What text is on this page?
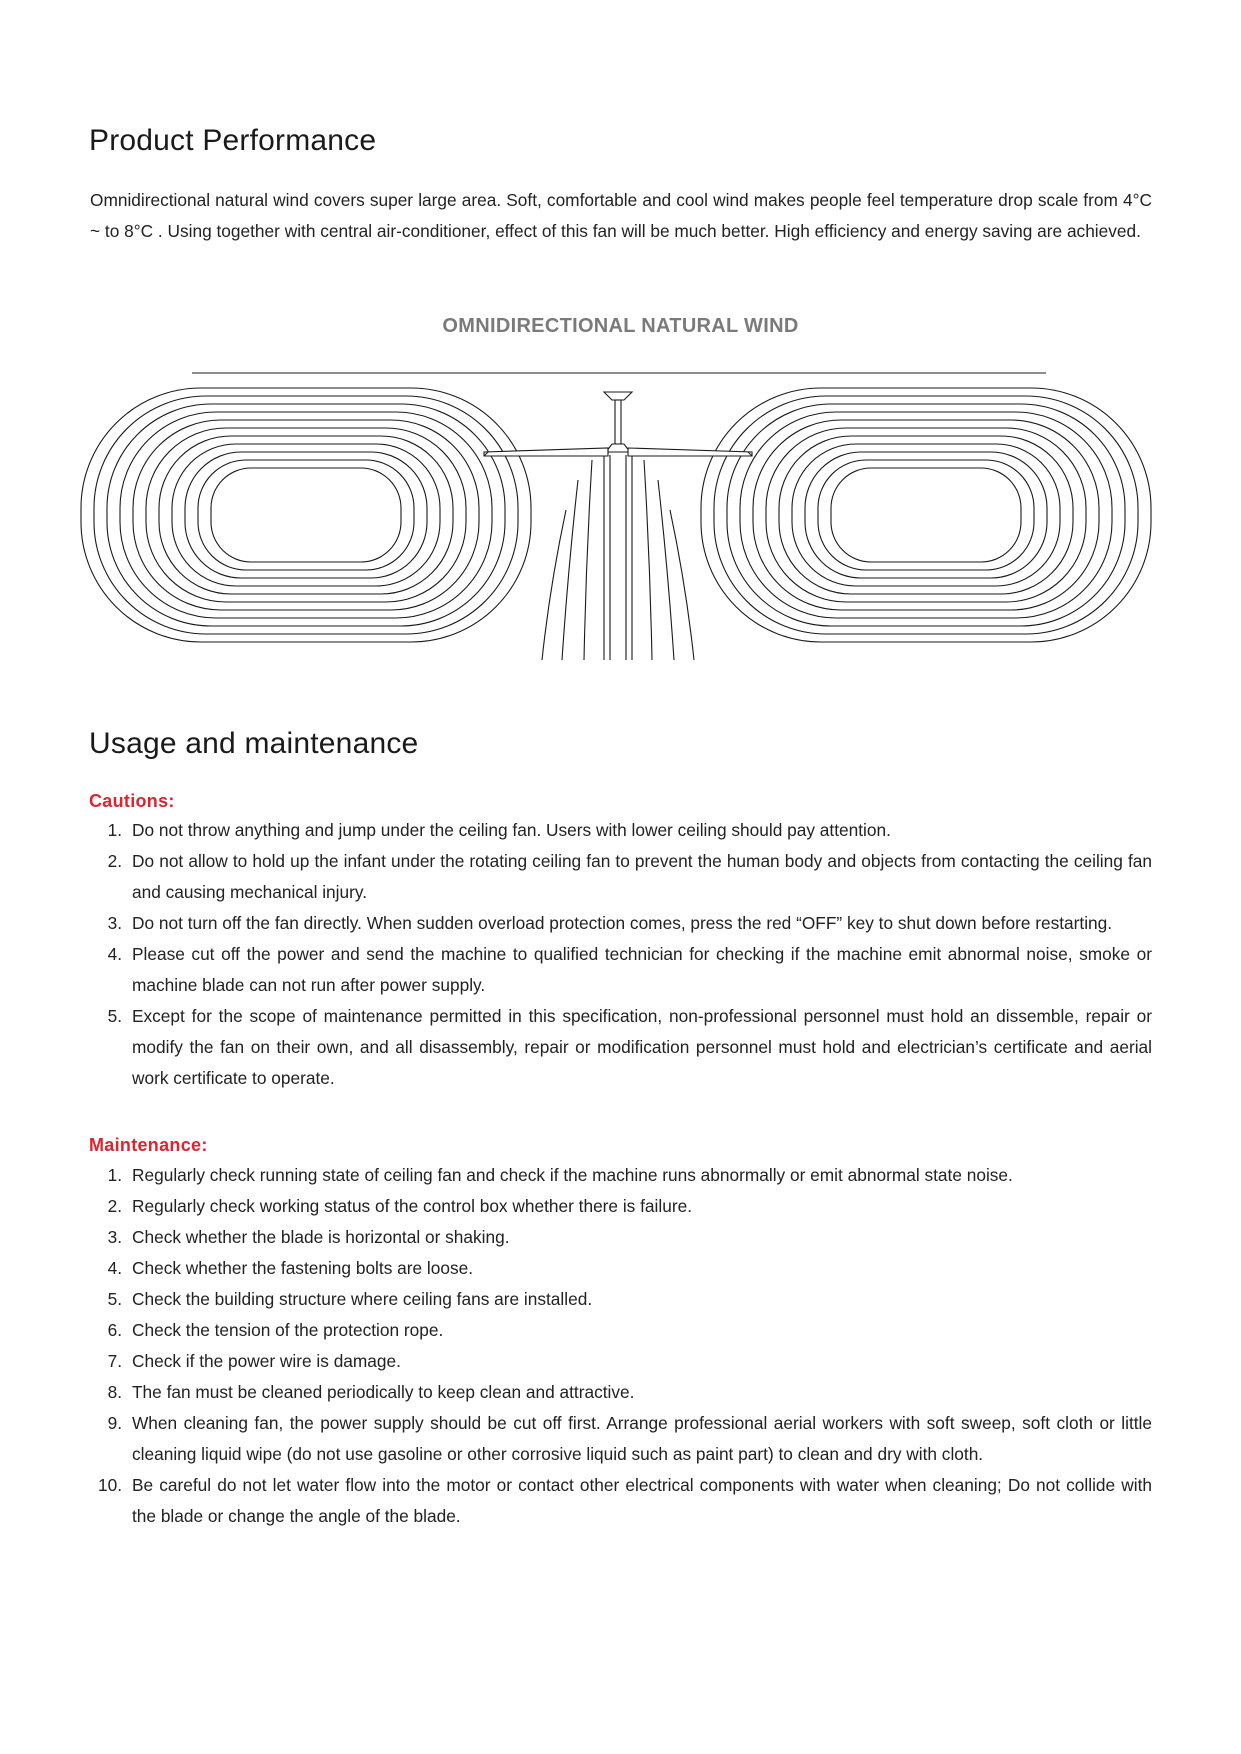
Product Performance

Omnidirectional natural wind covers super large area. Soft, comfortable and cool wind makes people feel temperature drop scale from 4°C ~ to 8°C . Using together with central air-conditioner, effect of this fan will be much better. High efficiency and energy saving are achieved.

OMNIDIRECTIONAL NATURAL WIND
Usage and maintenance
Cautions:
1. Do not throw anything and jump under the ceiling fan. Users with lower ceiling should pay attention.
2. Do not allow to hold up the infant under the rotating ceiling fan to prevent the human body and objects from contacting the ceiling fan and causing mechanical injury.
3. Do not turn off the fan directly. When sudden overload protection comes, press the red “OFF” key to shut down before restarting.
4. Please cut off the power and send the machine to qualified technician for checking if the machine emit abnormal noise, smoke or machine blade can not run after power supply.
5. Except for the scope of maintenance permitted in this specification, non-professional personnel must hold an dissemble, repair or modify the fan on their own, and all disassembly, repair or modification personnel must hold and electrician’s certificate and aerial work certificate to operate.
Maintenance:
1. Regularly check running state of ceiling fan and check if the machine runs abnormally or emit abnormal state noise.
2. Regularly check working status of the control box whether there is failure.
3. Check whether the blade is horizontal or shaking.
4. Check whether the fastening bolts are loose.
5. Check the building structure where ceiling fans are installed.
6. Check the tension of the protection rope.
7. Check if the power wire is damage.
8. The fan must be cleaned periodically to keep clean and attractive.
9. When cleaning fan, the power supply should be cut off first. Arrange professional aerial workers with soft sweep, soft cloth or little cleaning liquid wipe (do not use gasoline or other corrosive liquid such as paint part) to clean and dry with cloth.
10. Be careful do not let water flow into the motor or contact other electrical components with water when cleaning; Do not collide with the blade or change the angle of the blade.
